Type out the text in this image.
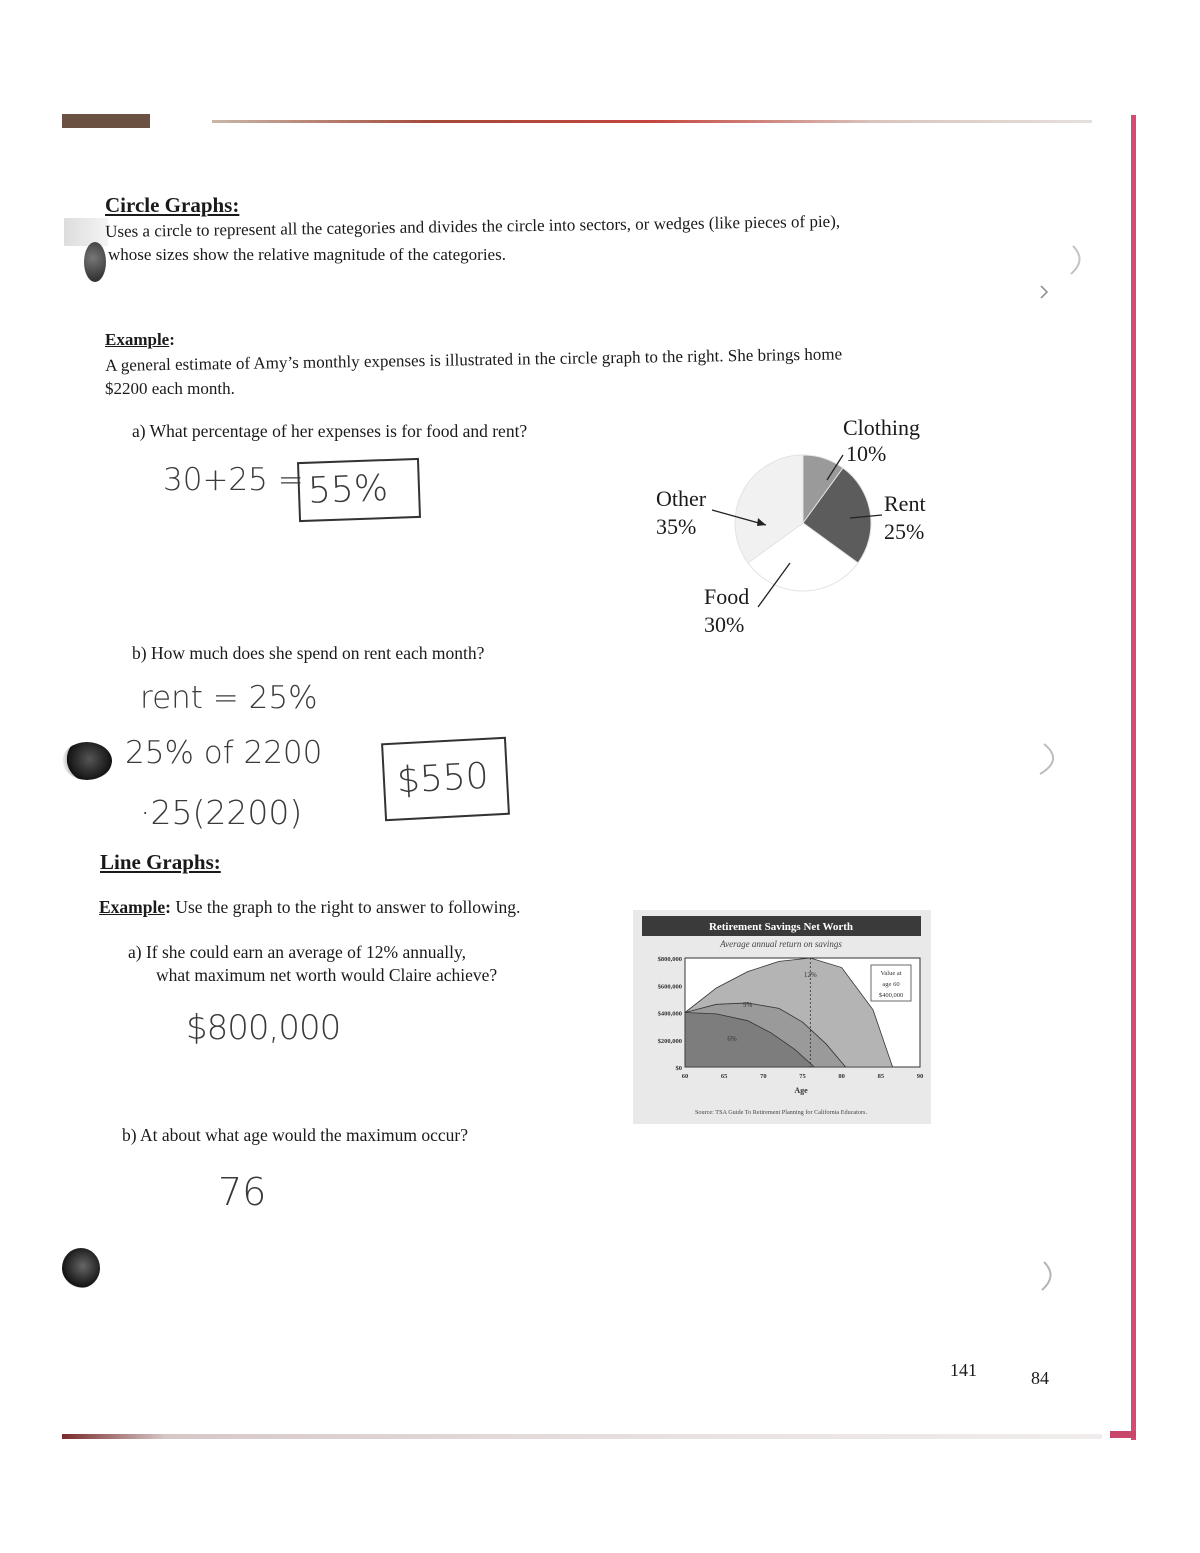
Circle Graphs:
Uses a circle to represent all the categories and divides the circle into sectors, or wedges (like pieces of pie),
whose sizes show the relative magnitude of the categories.
Example:
A general estimate of Amy’s monthly expenses is illustrated in the circle graph to the right. She brings home
$2200 each month.
a) What percentage of her expenses is for food and rent?
30+25 = 55%
b) How much does she spend on rent each month?
rent = 25%
25% of 2200
·25(2200)
$550
Clothing
10%
Rent
25%
Other
35%
Food
30%
Line Graphs:
Example: Use the graph to the right to answer to following.
a) If she could earn an average of 12% annually,
what maximum net worth would Claire achieve?
$800,000
b) At about what age would the maximum occur?
76
Retirement Savings Net Worth
Average annual return on savings
$0
$200,000
$400,000
$600,000
$800,000
60	65	70	75	80	85	90
12%
9%
6%
Value at
age 60
$400,000
Age
Source: TSA Guide To Retirement Planning for California Educators.
141	84
